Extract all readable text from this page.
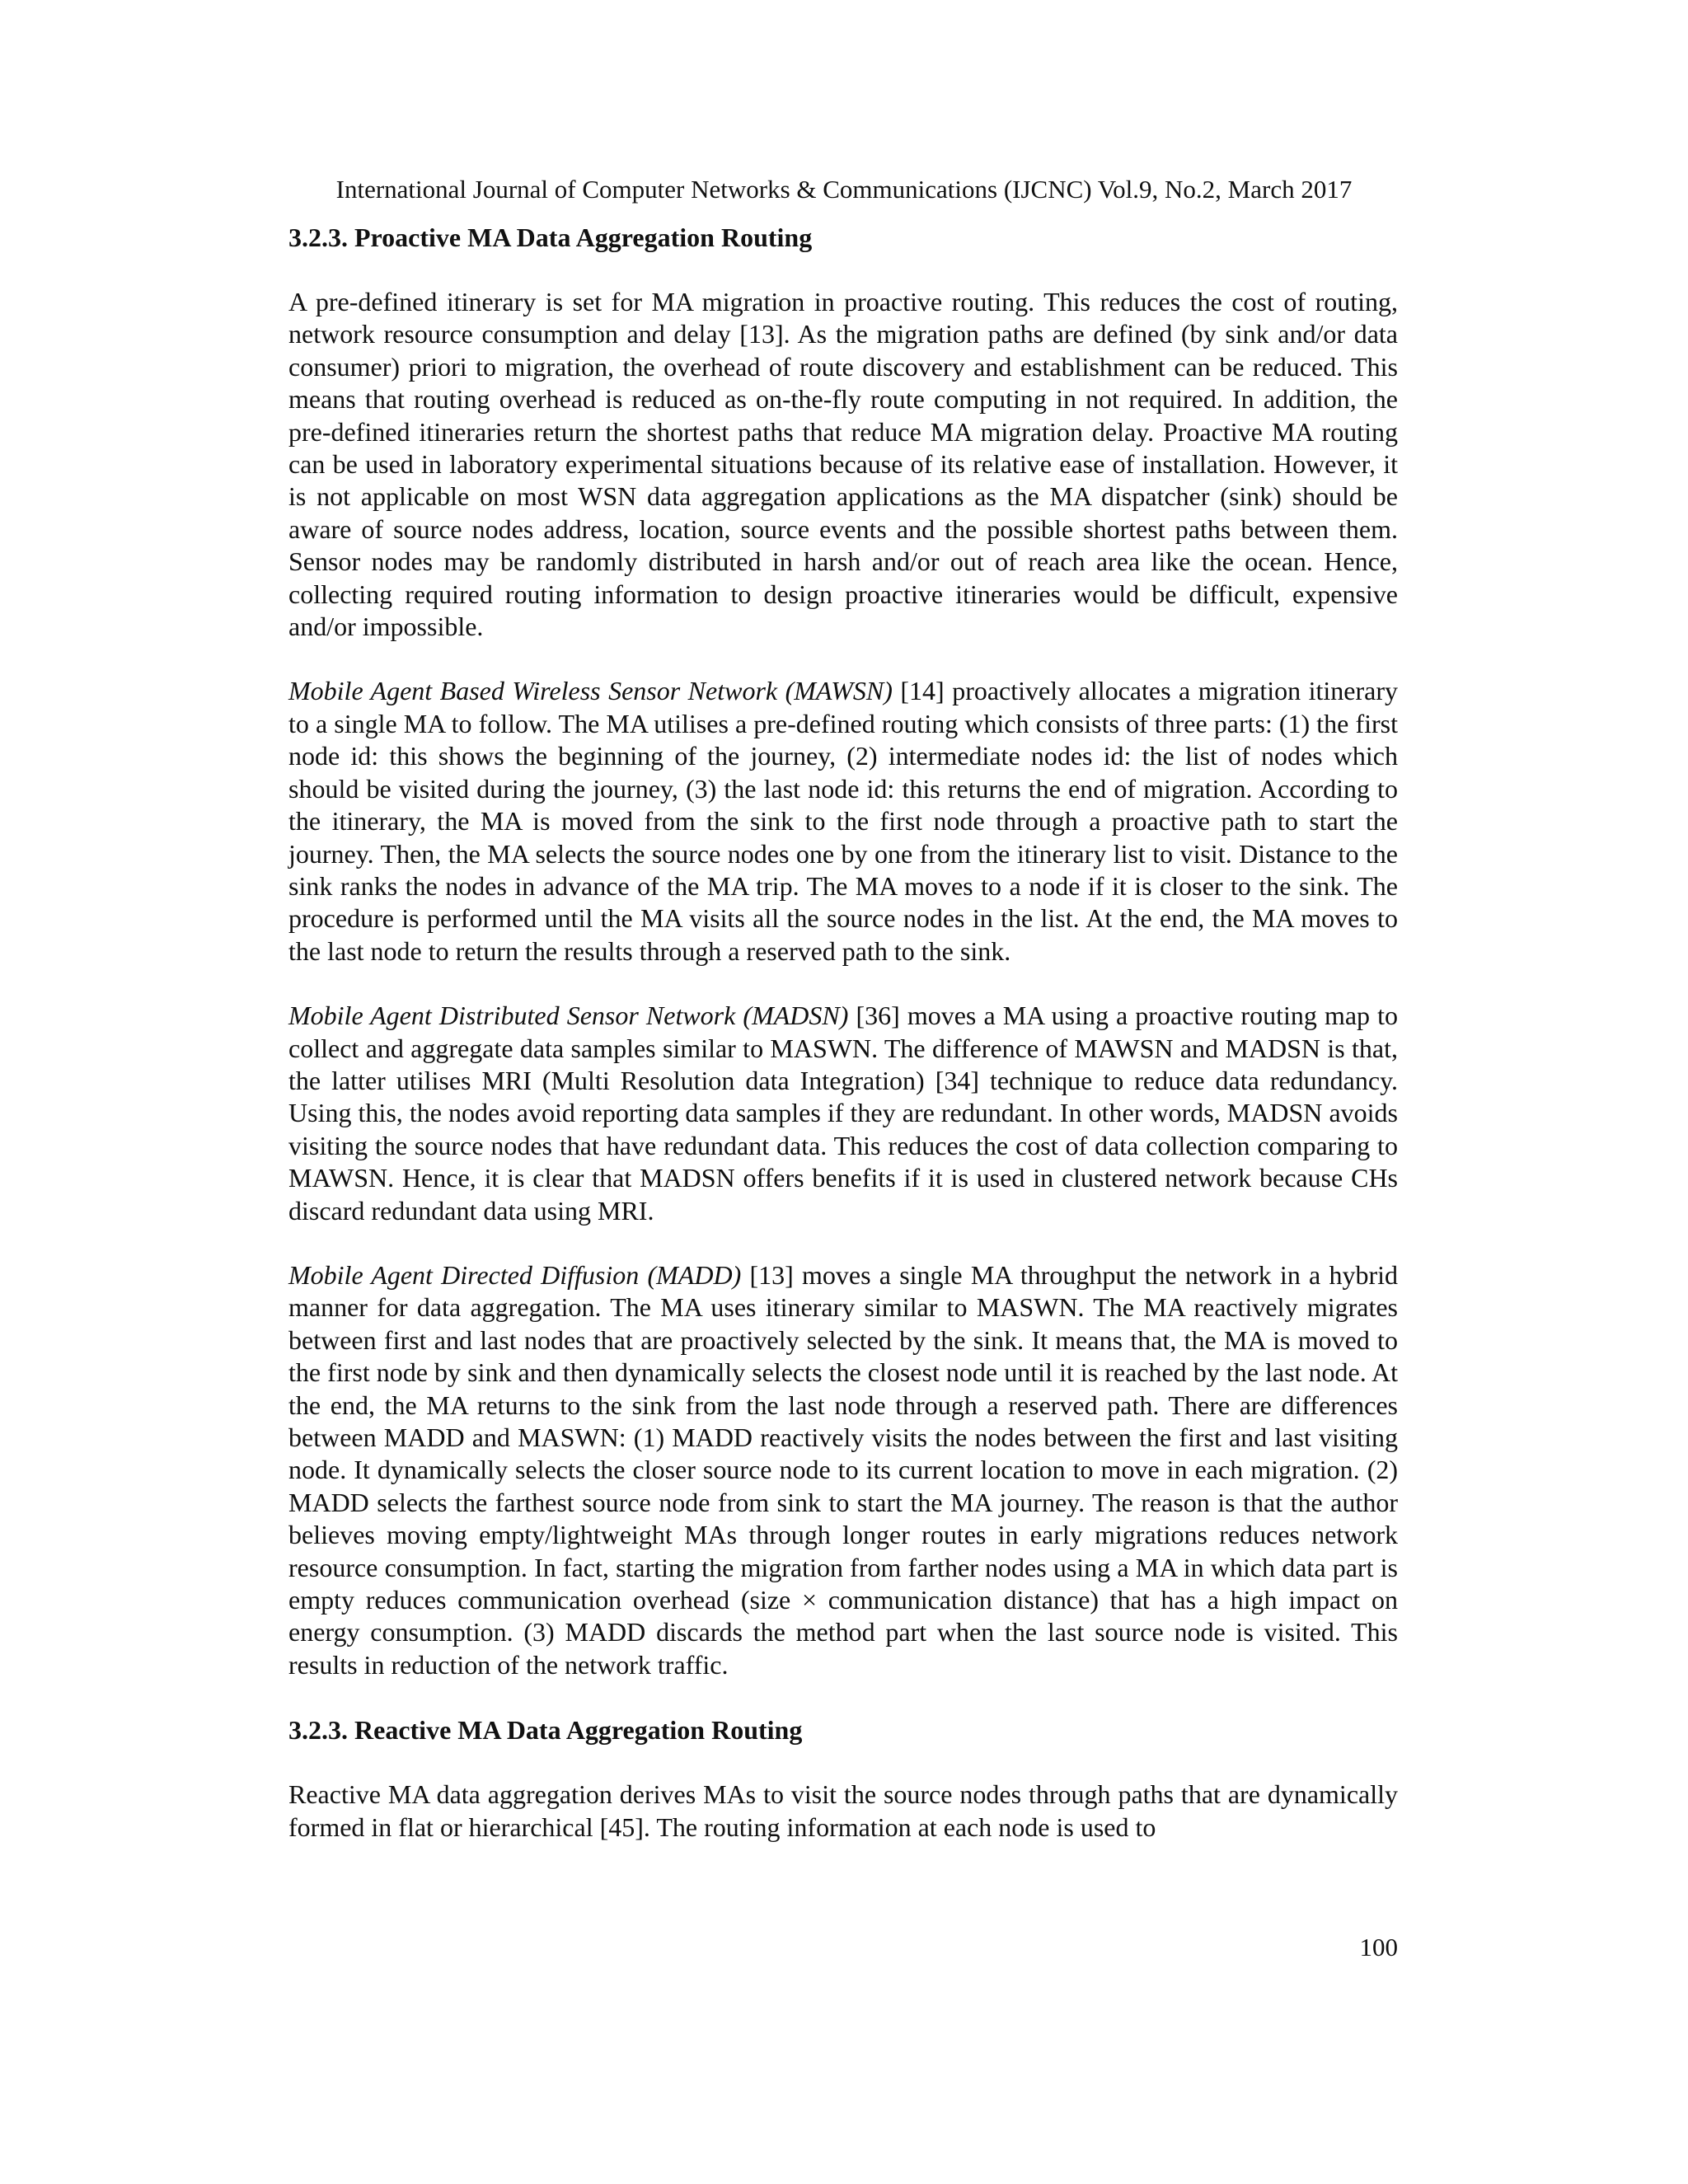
International Journal of Computer Networks & Communications (IJCNC) Vol.9, No.2, March 2017

3.2.3. Proactive MA Data Aggregation Routing

A pre-defined itinerary is set for MA migration in proactive routing. This reduces the cost of routing, network resource consumption and delay [13]. As the migration paths are defined (by sink and/or data consumer) priori to migration, the overhead of route discovery and establishment can be reduced. This means that routing overhead is reduced as on-the-fly route computing in not required. In addition, the pre-defined itineraries return the shortest paths that reduce MA migration delay. Proactive MA routing can be used in laboratory experimental situations because of its relative ease of installation. However, it is not applicable on most WSN data aggregation applications as the MA dispatcher (sink) should be aware of source nodes address, location, source events and the possible shortest paths between them. Sensor nodes may be randomly distributed in harsh and/or out of reach area like the ocean. Hence, collecting required routing information to design proactive itineraries would be difficult, expensive and/or impossible.

Mobile Agent Based Wireless Sensor Network (MAWSN) [14] proactively allocates a migration itinerary to a single MA to follow. The MA utilises a pre-defined routing which consists of three parts: (1) the first node id: this shows the beginning of the journey, (2) intermediate nodes id: the list of nodes which should be visited during the journey, (3) the last node id: this returns the end of migration. According to the itinerary, the MA is moved from the sink to the first node through a proactive path to start the journey. Then, the MA selects the source nodes one by one from the itinerary list to visit. Distance to the sink ranks the nodes in advance of the MA trip. The MA moves to a node if it is closer to the sink. The procedure is performed until the MA visits all the source nodes in the list. At the end, the MA moves to the last node to return the results through a reserved path to the sink.

Mobile Agent Distributed Sensor Network (MADSN) [36] moves a MA using a proactive routing map to collect and aggregate data samples similar to MASWN. The difference of MAWSN and MADSN is that, the latter utilises MRI (Multi Resolution data Integration) [34] technique to reduce data redundancy. Using this, the nodes avoid reporting data samples if they are redundant. In other words, MADSN avoids visiting the source nodes that have redundant data. This reduces the cost of data collection comparing to MAWSN. Hence, it is clear that MADSN offers benefits if it is used in clustered network because CHs discard redundant data using MRI.

Mobile Agent Directed Diffusion (MADD) [13] moves a single MA throughput the network in a hybrid manner for data aggregation. The MA uses itinerary similar to MASWN. The MA reactively migrates between first and last nodes that are proactively selected by the sink. It means that, the MA is moved to the first node by sink and then dynamically selects the closest node until it is reached by the last node. At the end, the MA returns to the sink from the last node through a reserved path. There are differences between MADD and MASWN: (1) MADD reactively visits the nodes between the first and last visiting node. It dynamically selects the closer source node to its current location to move in each migration. (2) MADD selects the farthest source node from sink to start the MA journey. The reason is that the author believes moving empty/lightweight MAs through longer routes in early migrations reduces network resource consumption. In fact, starting the migration from farther nodes using a MA in which data part is empty reduces communication overhead (size × communication distance) that has a high impact on energy consumption. (3) MADD discards the method part when the last source node is visited. This results in reduction of the network traffic.

3.2.3. Reactive MA Data Aggregation Routing

Reactive MA data aggregation derives MAs to visit the source nodes through paths that are dynamically formed in flat or hierarchical [45]. The routing information at each node is used to

100
